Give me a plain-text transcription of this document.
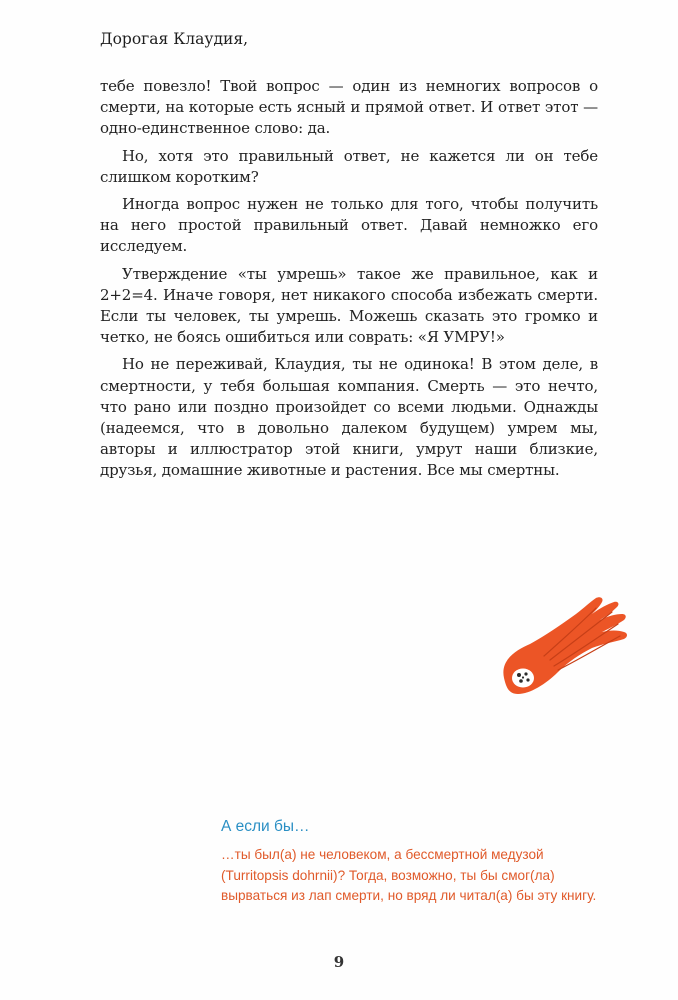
Дорогая Клаудия,

тебе повезло! Твой вопрос — один из немногих вопросов о смерти, на которые есть ясный и прямой ответ. И ответ этот — одно-единственное слово: да.

Но, хотя это правильный ответ, не кажется ли он тебе слишком коротким?

Иногда вопрос нужен не только для того, чтобы получить на него простой правильный ответ. Давай немножко его исследуем.

Утверждение «ты умрешь» такое же правильное, как и 2+2=4. Иначе говоря, нет никакого способа избежать смерти. Если ты человек, ты умрешь. Можешь сказать это громко и четко, не боясь ошибиться или соврать: «Я УМРУ!»

Но не переживай, Клаудия, ты не одинока! В этом деле, в смертности, у тебя большая компания. Смерть — это нечто, что рано или поздно произойдет со всеми людьми. Однажды (надеемся, что в довольно далеком будущем) умрем мы, авторы и иллюстратор этой книги, умрут наши близкие, друзья, домашние животные и растения. Все мы смертны.

А если бы…

…ты был(а) не человеком, а бессмертной медузой (Turritopsis dohrnii)? Тогда, возможно, ты бы смог(ла) вырваться из лап смерти, но вряд ли читал(а) бы эту книгу.

9
